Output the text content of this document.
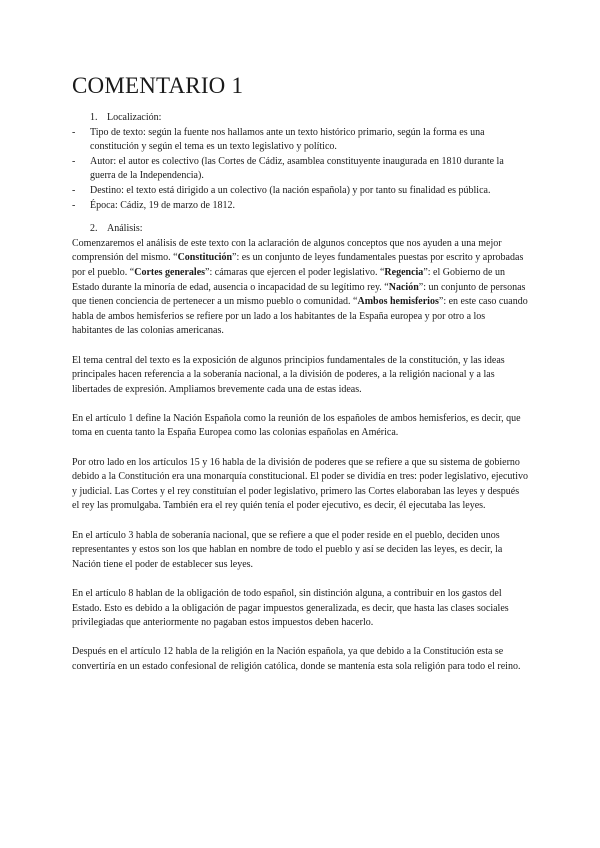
COMENTARIO 1
1. Localización:
-	Tipo de texto: según la fuente nos hallamos ante un texto histórico primario, según la forma es una constitución y según el tema es un texto legislativo y político.
-	Autor: el autor es colectivo (las Cortes de Cádiz, asamblea constituyente inaugurada en 1810 durante la guerra de la Independencia).
-	Destino: el texto está dirigido a un colectivo (la nación española) y por tanto su finalidad es pública.
-	Época: Cádiz, 19 de marzo de 1812.
2. Análisis:

Comenzaremos el análisis de este texto con la aclaración de algunos conceptos que nos ayuden a una mejor comprensión del mismo. “Constitución”: es un conjunto de leyes fundamentales puestas por escrito y aprobadas por el pueblo. “Cortes generales”: cámaras que ejercen el poder legislativo. “Regencia”: el Gobierno de un Estado durante la minoría de edad, ausencia o incapacidad de su legítimo rey. “Nación”: un conjunto de personas que tienen conciencia de pertenecer a un mismo pueblo o comunidad. “Ambos hemisferios”: en este caso cuando habla de ambos hemisferios se refiere por un lado a los habitantes de la España europea y por otro a los habitantes de las colonias americanas.

El tema central del texto es la exposición de algunos principios fundamentales de la constitución, y las ideas principales hacen referencia a la soberanía nacional, a la división de poderes, a la religión nacional y a las libertades de expresión. Ampliamos brevemente cada una de estas ideas.

En el artículo 1 define la Nación Española como la reunión de los españoles de ambos hemisferios, es decir, que toma en cuenta tanto la España Europea como las colonias españolas en América.

Por otro lado en los artículos 15 y 16 habla de la división de poderes que se refiere a que su sistema de gobierno debido a la Constitución era una monarquía constitucional. El poder se dividía en tres: poder legislativo, ejecutivo y judicial. Las Cortes y el rey constituían el poder legislativo, primero las Cortes elaboraban las leyes y después el rey las promulgaba. También era el rey quién tenía el poder ejecutivo, es decir, él ejecutaba las leyes.

En el artículo 3 habla de soberanía nacional, que se refiere a que el poder reside en el pueblo, deciden unos representantes y estos son los que hablan en nombre de todo el pueblo y así se deciden las leyes, es decir, la Nación tiene el poder de establecer sus leyes.

En el artículo 8 hablan de la obligación de todo español, sin distinción alguna, a contribuir en los gastos del Estado. Esto es debido a la obligación de pagar impuestos generalizada, es decir, que hasta las clases sociales privilegiadas que anteriormente no pagaban estos impuestos deben hacerlo.

Después en el artículo 12 habla de la religión en la Nación española, ya que debido a la Constitución esta se convertiría en un estado confesional de religión católica, donde se mantenía esta sola religión para todo el reino.
